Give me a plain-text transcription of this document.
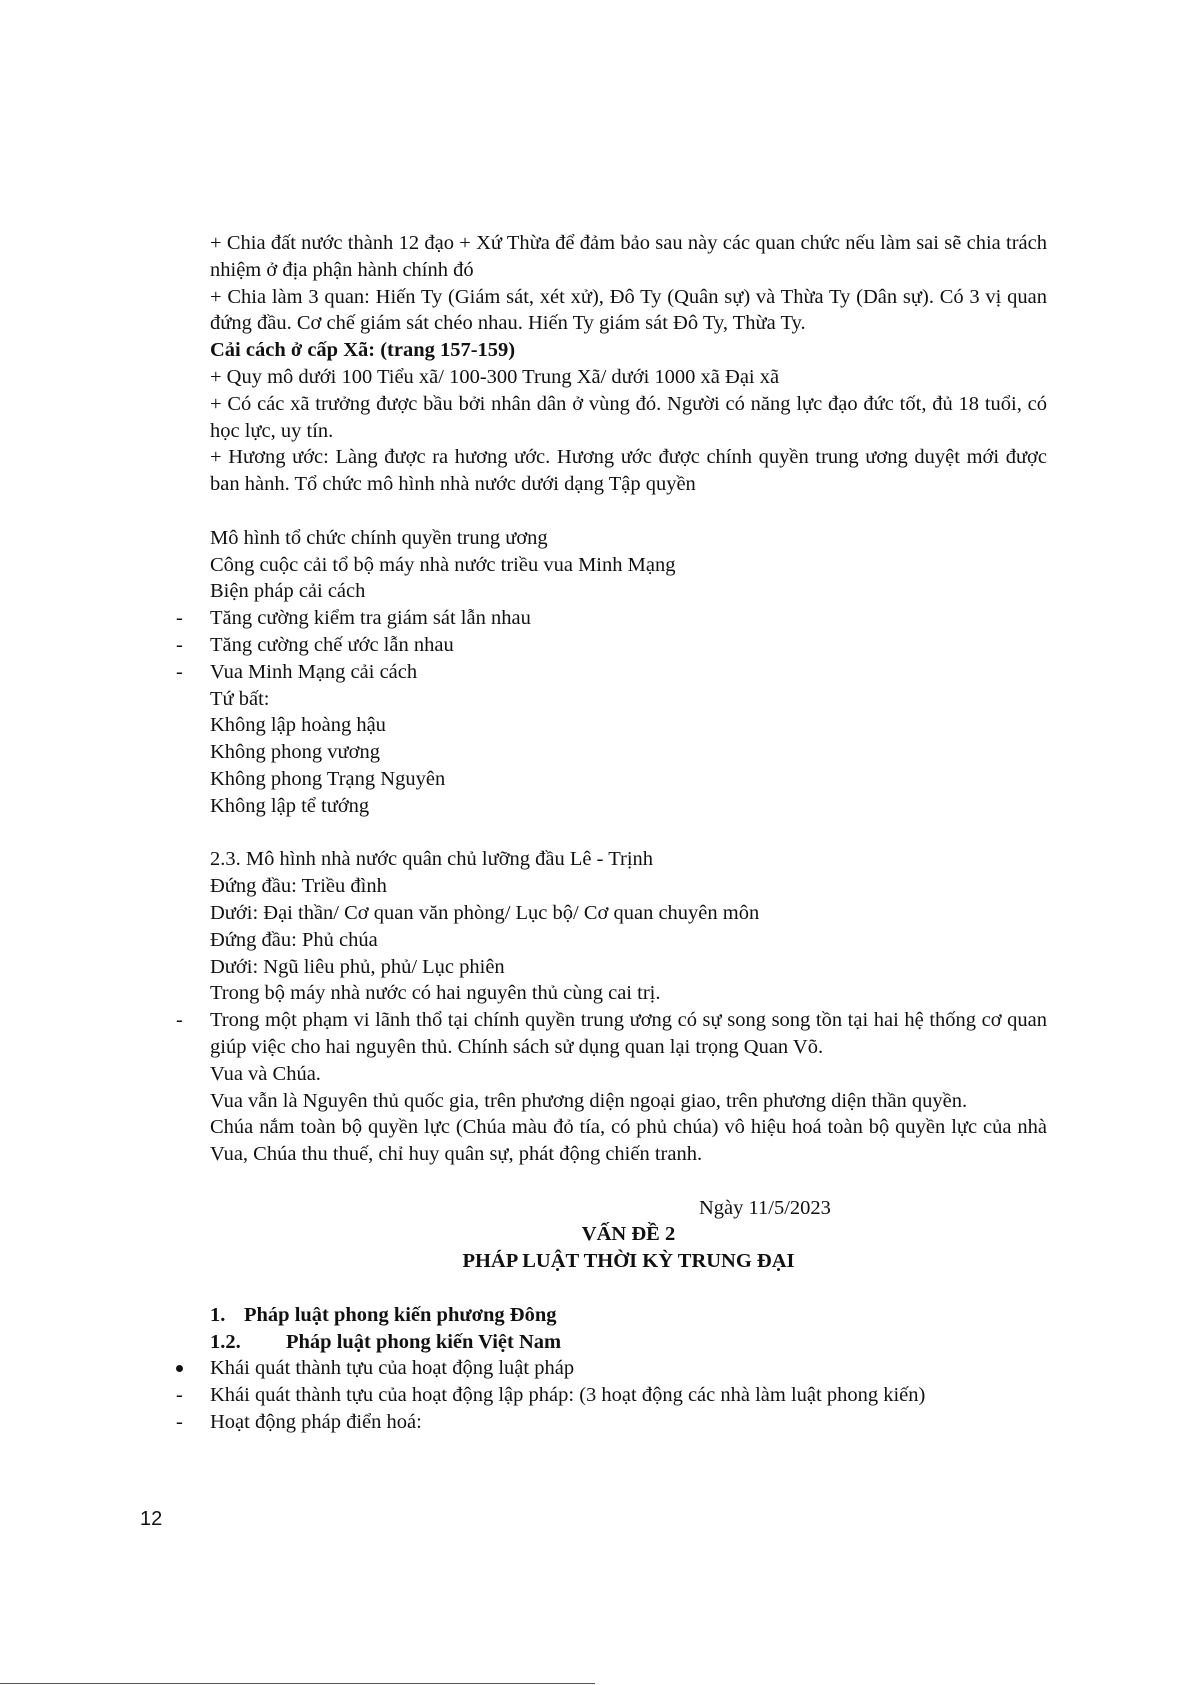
+ Chia đất nước thành 12 đạo + Xứ Thừa để đảm bảo sau này các quan chức nếu làm sai sẽ chia trách nhiệm ở địa phận hành chính đó

+ Chia làm 3 quan: Hiến Ty (Giám sát, xét xử), Đô Ty (Quân sự) và Thừa Ty (Dân sự). Có 3 vị quan đứng đầu. Cơ chế giám sát chéo nhau. Hiến Ty giám sát Đô Ty, Thừa Ty.

Cải cách ở cấp Xã: (trang 157-159)

+ Quy mô dưới 100 Tiểu xã/ 100-300 Trung Xã/ dưới 1000 xã Đại xã

+ Có các xã trưởng được bầu bởi nhân dân ở vùng đó. Người có năng lực đạo đức tốt, đủ 18 tuổi, có học lực, uy tín.

+ Hương ước: Làng được ra hương ước. Hương ước được chính quyền trung ương duyệt mới được ban hành. Tổ chức mô hình nhà nước dưới dạng Tập quyền

Mô hình tổ chức chính quyền trung ương

Công cuộc cải tổ bộ máy nhà nước triều vua Minh Mạng

Biện pháp cải cách

- Tăng cường kiểm tra giám sát lẫn nhau

- Tăng cường chế ước lẫn nhau

- Vua Minh Mạng cải cách

Tứ bất:

Không lập hoàng hậu

Không phong vương

Không phong Trạng Nguyên

Không lập tể tướng

2.3. Mô hình nhà nước quân chủ lưỡng đầu Lê - Trịnh

Đứng đầu: Triều đình

Dưới: Đại thần/ Cơ quan văn phòng/ Lục bộ/ Cơ quan chuyên môn

Đứng đầu: Phủ chúa

Dưới: Ngũ liêu phủ, phủ/ Lục phiên

Trong bộ máy nhà nước có hai nguyên thủ cùng cai trị.

- Trong một phạm vi lãnh thổ tại chính quyền trung ương có sự song song tồn tại hai hệ thống cơ quan giúp việc cho hai nguyên thủ. Chính sách sử dụng quan lại trọng Quan Võ.

Vua và Chúa.

Vua vẫn là Nguyên thủ quốc gia, trên phương diện ngoại giao, trên phương diện thần quyền.

Chúa nắm toàn bộ quyền lực (Chúa màu đỏ tía, có phủ chúa) vô hiệu hoá toàn bộ quyền lực của nhà Vua, Chúa thu thuế, chỉ huy quân sự, phát động chiến tranh.

Ngày 11/5/2023

VẤN ĐỀ 2

PHÁP LUẬT THỜI KỲ TRUNG ĐẠI

1. Pháp luật phong kiến phương Đông

1.2. Pháp luật phong kiến Việt Nam

Khái quát thành tựu của hoạt động luật pháp

- Khái quát thành tựu của hoạt động lập pháp: (3 hoạt động các nhà làm luật phong kiến)

- Hoạt động pháp điển hoá:

12
